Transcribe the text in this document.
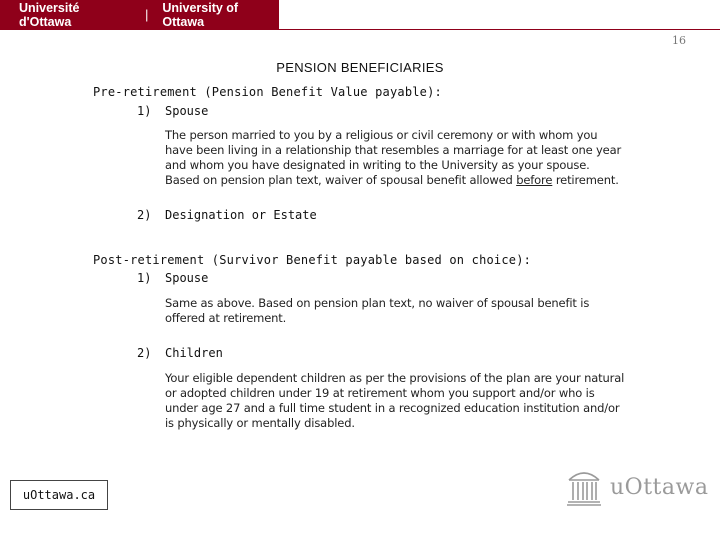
Université d'Ottawa	| University of Ottawa
16
PENSION BENEFICIARIES
Pre-retirement (Pension Benefit Value payable):
1) Spouse
The person married to you by a religious or civil ceremony or with whom you
have been living in a relationship that resembles a marriage for at least one year
and whom you have designated in writing to the University as your spouse.
Based on pension plan text, waiver of spousal benefit allowed before retirement.
2) Designation or Estate
Post-retirement (Survivor Benefit payable based on choice):
1) Spouse
Same as above. Based on pension plan text, no waiver of spousal benefit is
offered at retirement.
2) Children
Your eligible dependent children as per the provisions of the plan are your natural
or adopted children under 19 at retirement whom you support and/or who is
under age 27 and a full time student in a recognized education institution and/or
is physically or mentally disabled.
uOttawa.ca	uOttawa
